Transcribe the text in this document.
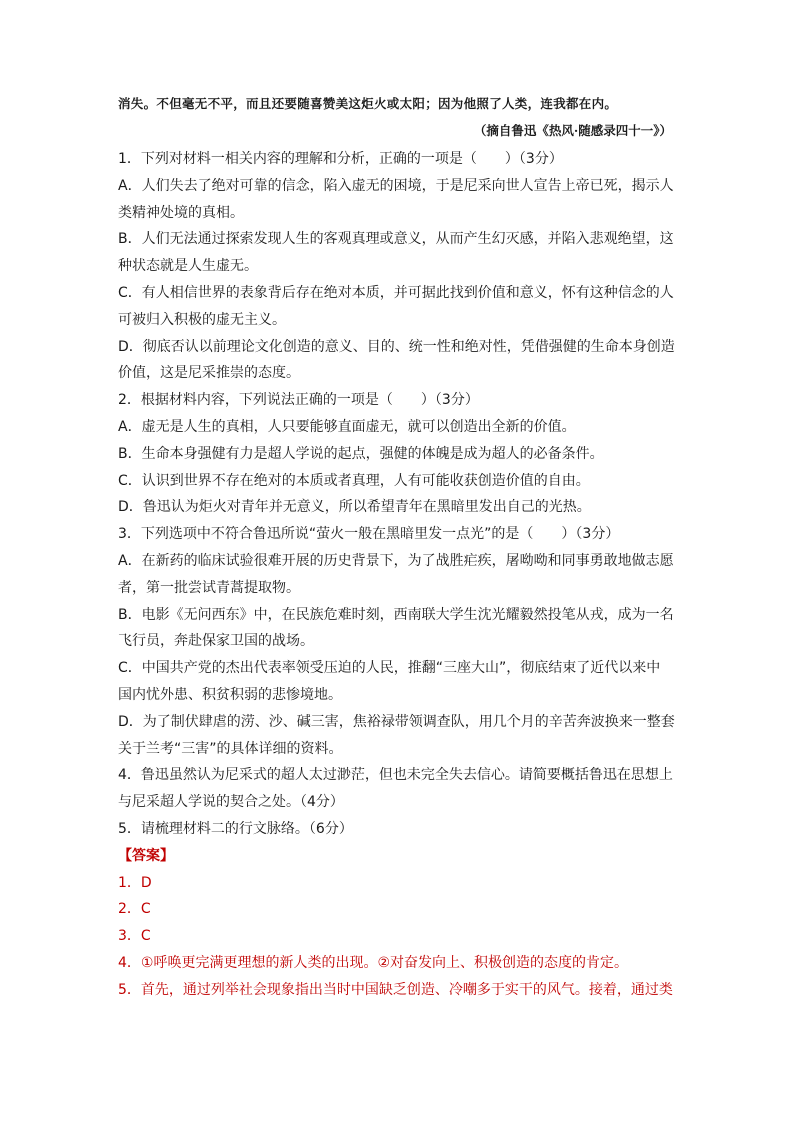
消失。不但毫无不平，而且还要随喜赞美这炬火或太阳；因为他照了人类，连我都在内。
（摘自鲁迅《热风·随感录四十一》）
1．下列对材料一相关内容的理解和分析，正确的一项是（　　）（3分）
A．人们失去了绝对可靠的信念，陷入虚无的困境，于是尼采向世人宣告上帝已死，揭示人
类精神处境的真相。
B．人们无法通过探索发现人生的客观真理或意义，从而产生幻灭感，并陷入悲观绝望，这
种状态就是人生虚无。
C．有人相信世界的表象背后存在绝对本质，并可据此找到价值和意义，怀有这种信念的人
可被归入积极的虚无主义。
D．彻底否认以前理论文化创造的意义、目的、统一性和绝对性，凭借强健的生命本身创造
价值，这是尼采推崇的态度。
2．根据材料内容，下列说法正确的一项是（　　）（3分）
A．虚无是人生的真相，人只要能够直面虚无，就可以创造出全新的价值。
B．生命本身强健有力是超人学说的起点，强健的体魄是成为超人的必备条件。
C．认识到世界不存在绝对的本质或者真理，人有可能收获创造价值的自由。
D．鲁迅认为炬火对青年并无意义，所以希望青年在黑暗里发出自己的光热。
3．下列选项中不符合鲁迅所说“萤火一般在黑暗里发一点光”的是（　　）（3分）
A．在新药的临床试验很难开展的历史背景下，为了战胜疟疾，屠呦呦和同事勇敢地做志愿
者，第一批尝试青蒿提取物。
B．电影《无问西东》中，在民族危难时刻，西南联大学生沈光耀毅然投笔从戎，成为一名
飞行员，奔赴保家卫国的战场。
C．中国共产党的杰出代表率领受压迫的人民，推翻“三座大山”，彻底结束了近代以来中
国内忧外患、积贫积弱的悲惨境地。
D．为了制伏肆虐的涝、沙、碱三害，焦裕禄带领调查队，用几个月的辛苦奔波换来一整套
关于兰考“三害”的具体详细的资料。
4．鲁迅虽然认为尼采式的超人太过渺茫，但也未完全失去信心。请简要概括鲁迅在思想上
与尼采超人学说的契合之处。（4分）
5．请梳理材料二的行文脉络。（6分）
【答案】
1．D
2．C
3．C
4．①呼唤更完满更理想的新人类的出现。②对奋发向上、积极创造的态度的肯定。
5．首先，通过列举社会现象指出当时中国缺乏创造、冷嘲多于实干的风气。接着，通过类
